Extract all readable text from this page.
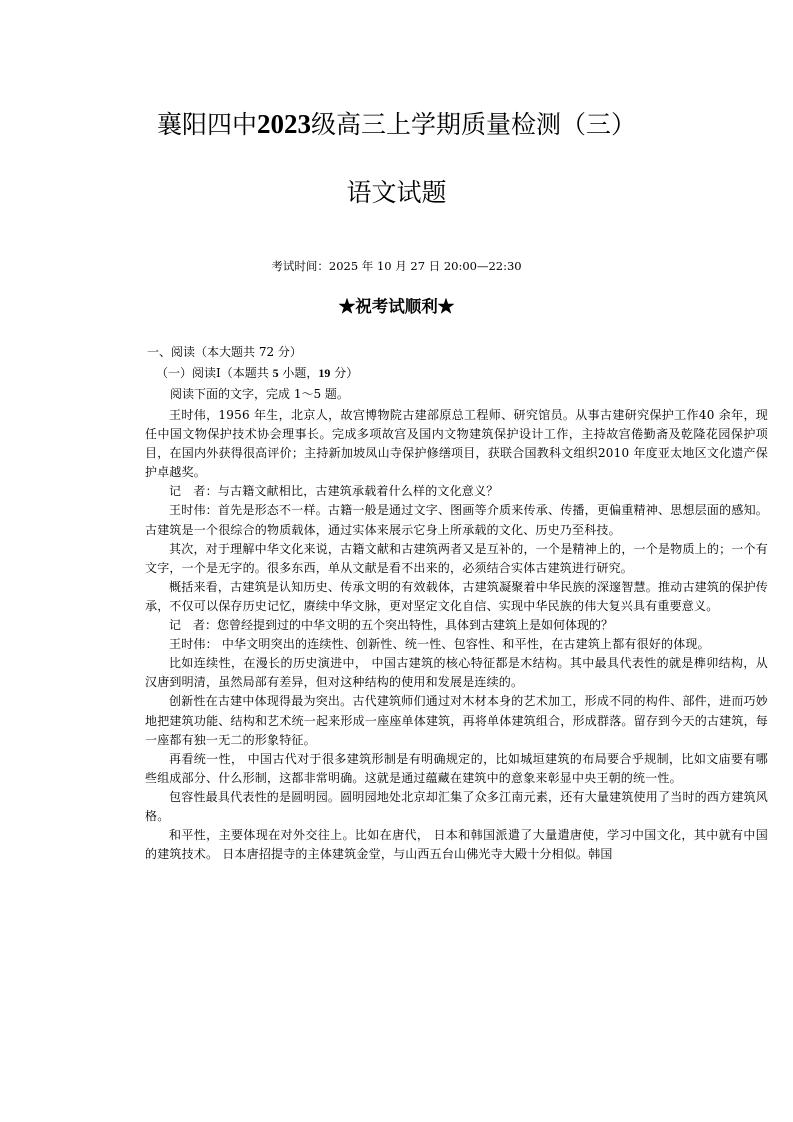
襄阳四中2023级高三上学期质量检测（三）
语文试题
考试时间：2025 年 10 月 27 日 20:00—22:30
★祝考试顺利★
一、阅读（本大题共 72 分）
（一）阅读Ⅰ（本题共 5 小题，19 分）
阅读下面的文字，完成 1～5 题。

王时伟，1956 年生，北京人，故宫博物院古建部原总工程师、研究馆员。从事古建研究保护工作40 余年，现任中国文物保护技术协会理事长。完成多项故宫及国内文物建筑保护设计工作，主持故宫倦勤斋及乾隆花园保护项目，在国内外获得很高评价；主持新加坡凤山寺保护修缮项目，获联合国教科文组织2010 年度亚太地区文化遗产保护卓越奖。

记　者：与古籍文献相比，古建筑承载着什么样的文化意义？

王时伟：首先是形态不一样。古籍一般是通过文字、图画等介质来传承、传播，更偏重精神、思想层面的感知。古建筑是一个很综合的物质载体，通过实体来展示它身上所承载的文化、历史乃至科技。

其次，对于理解中华文化来说，古籍文献和古建筑两者又是互补的，一个是精神上的，一个是物质上的；一个有文字，一个是无字的。很多东西，单从文献是看不出来的，必须结合实体古建筑进行研究。

概括来看，古建筑是认知历史、传承文明的有效载体，古建筑凝聚着中华民族的深邃智慧。推动古建筑的保护传承，不仅可以保存历史记忆，赓续中华文脉，更对坚定文化自信、实现中华民族的伟大复兴具有重要意义。

记　者：您曾经提到过的中华文明的五个突出特性，具体到古建筑上是如何体现的？

王时伟： 中华文明突出的连续性、创新性、统一性、包容性、和平性，在古建筑上都有很好的体现。

比如连续性，在漫长的历史演进中， 中国古建筑的核心特征都是木结构。其中最具代表性的就是榫卯结构，从汉唐到明清，虽然局部有差异，但对这种结构的使用和发展是连续的。

创新性在古建中体现得最为突出。古代建筑师们通过对木材本身的艺术加工，形成不同的构件、部件，进而巧妙地把建筑功能、结构和艺术统一起来形成一座座单体建筑，再将单体建筑组合，形成群落。留存到今天的古建筑，每一座都有独一无二的形象特征。

再看统一性， 中国古代对于很多建筑形制是有明确规定的，比如城垣建筑的布局要合乎规制，比如文庙要有哪些组成部分、什么形制，这都非常明确。这就是通过蕴藏在建筑中的意象来彰显中央王朝的统一性。

包容性最具代表性的是圆明园。圆明园地处北京却汇集了众多江南元素，还有大量建筑使用了当时的西方建筑风格。

和平性，主要体现在对外交往上。比如在唐代， 日本和韩国派遣了大量遣唐使，学习中国文化，其中就有中国的建筑技术。 日本唐招提寺的主体建筑金堂，与山西五台山佛光寺大殿十分相似。韩国
